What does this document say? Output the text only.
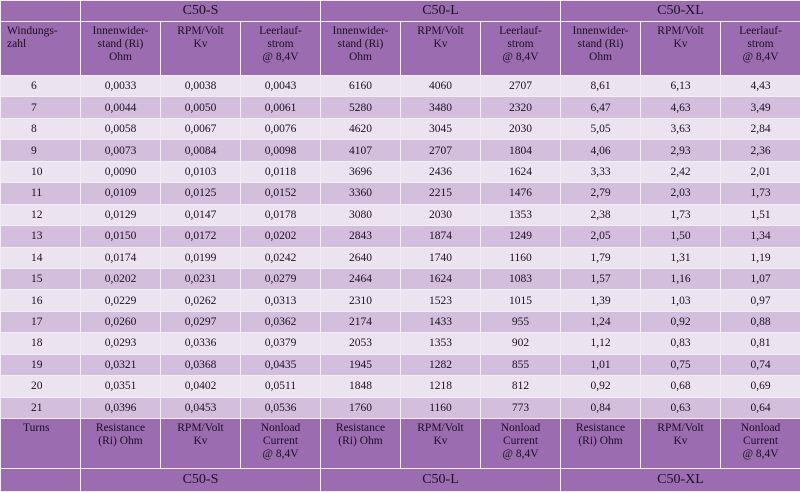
	C50-S			C50-L			C50-XL		
Windungs-
zahl	Innenwider-
stand (Ri)
Ohm	RPM/Volt
Kv	Leerlauf-
strom
@ 8,4V	Innenwider-
stand (Ri)
Ohm	RPM/Volt
Kv	Leerlauf-
strom
@ 8,4V	Innenwider-
stand (Ri)
Ohm	RPM/Volt
Kv	Leerlauf-
strom
@ 8,4V
6	0,0033	0,0038	0,0043	6160	4060	2707	8,61	6,13	4,43
7	0,0044	0,0050	0,0061	5280	3480	2320	6,47	4,63	3,49
8	0,0058	0,0067	0,0076	4620	3045	2030	5,05	3,63	2,84
9	0,0073	0,0084	0,0098	4107	2707	1804	4,06	2,93	2,36
10	0,0090	0,0103	0,0118	3696	2436	1624	3,33	2,42	2,01
11	0,0109	0,0125	0,0152	3360	2215	1476	2,79	2,03	1,73
12	0,0129	0,0147	0,0178	3080	2030	1353	2,38	1,73	1,51
13	0,0150	0,0172	0,0202	2843	1874	1249	2,05	1,50	1,34
14	0,0174	0,0199	0,0242	2640	1740	1160	1,79	1,31	1,19
15	0,0202	0,0231	0,0279	2464	1624	1083	1,57	1,16	1,07
16	0,0229	0,0262	0,0313	2310	1523	1015	1,39	1,03	0,97
17	0,0260	0,0297	0,0362	2174	1433	955	1,24	0,92	0,88
18	0,0293	0,0336	0,0379	2053	1353	902	1,12	0,83	0,81
19	0,0321	0,0368	0,0435	1945	1282	855	1,01	0,75	0,74
20	0,0351	0,0402	0,0511	1848	1218	812	0,92	0,68	0,69
21	0,0396	0,0453	0,0536	1760	1160	773	0,84	0,63	0,64
Turns	Resistance
(Ri) Ohm	RPM/Volt
Kv	Nonload
Current
@ 8,4V	Resistance
(Ri) Ohm	RPM/Volt
Kv	Nonload
Current
@ 8,4V	Resistance
(Ri) Ohm	RPM/Volt
Kv	Nonload
Current
@ 8,4V
	C50-S			C50-L			C50-XL		
